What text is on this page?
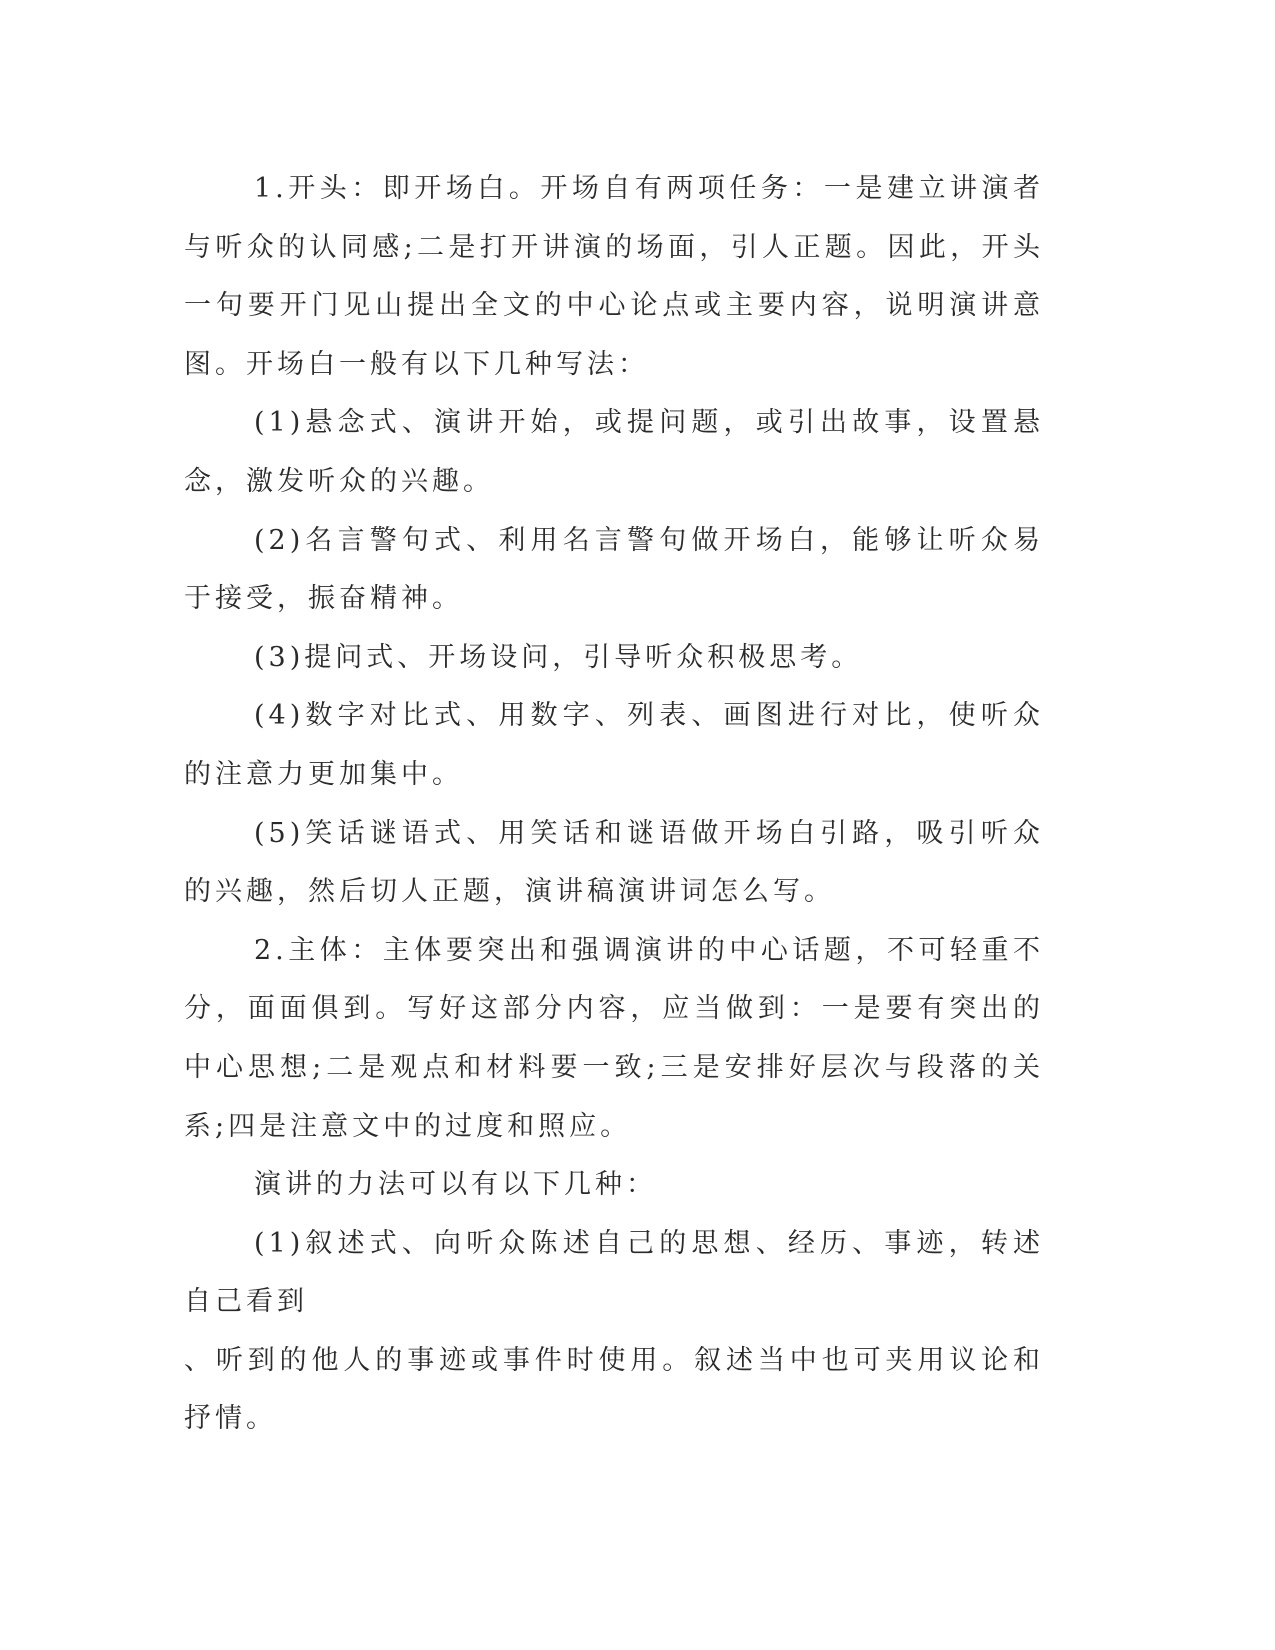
1.开头：即开场白。开场自有两项任务：一是建立讲演者与听众的认同感;二是打开讲演的场面，引人正题。因此，开头一句要开门见山提出全文的中心论点或主要内容，说明演讲意图。开场白一般有以下几种写法：

(1)悬念式、演讲开始，或提问题，或引出故事，设置悬念，激发听众的兴趣。

(2)名言警句式、利用名言警句做开场白，能够让听众易于接受，振奋精神。

(3)提问式、开场设问，引导听众积极思考。

(4)数字对比式、用数字、列表、画图进行对比，使听众的注意力更加集中。

(5)笑话谜语式、用笑话和谜语做开场白引路，吸引听众的兴趣，然后切人正题，演讲稿演讲词怎么写。

2.主体：主体要突出和强调演讲的中心话题，不可轻重不分，面面俱到。写好这部分内容，应当做到：一是要有突出的中心思想;二是观点和材料要一致;三是安排好层次与段落的关系;四是注意文中的过度和照应。

演讲的力法可以有以下几种：

(1)叙述式、向听众陈述自己的思想、经历、事迹，转述自己看到

、听到的他人的事迹或事件时使用。叙述当中也可夹用议论和抒情。
